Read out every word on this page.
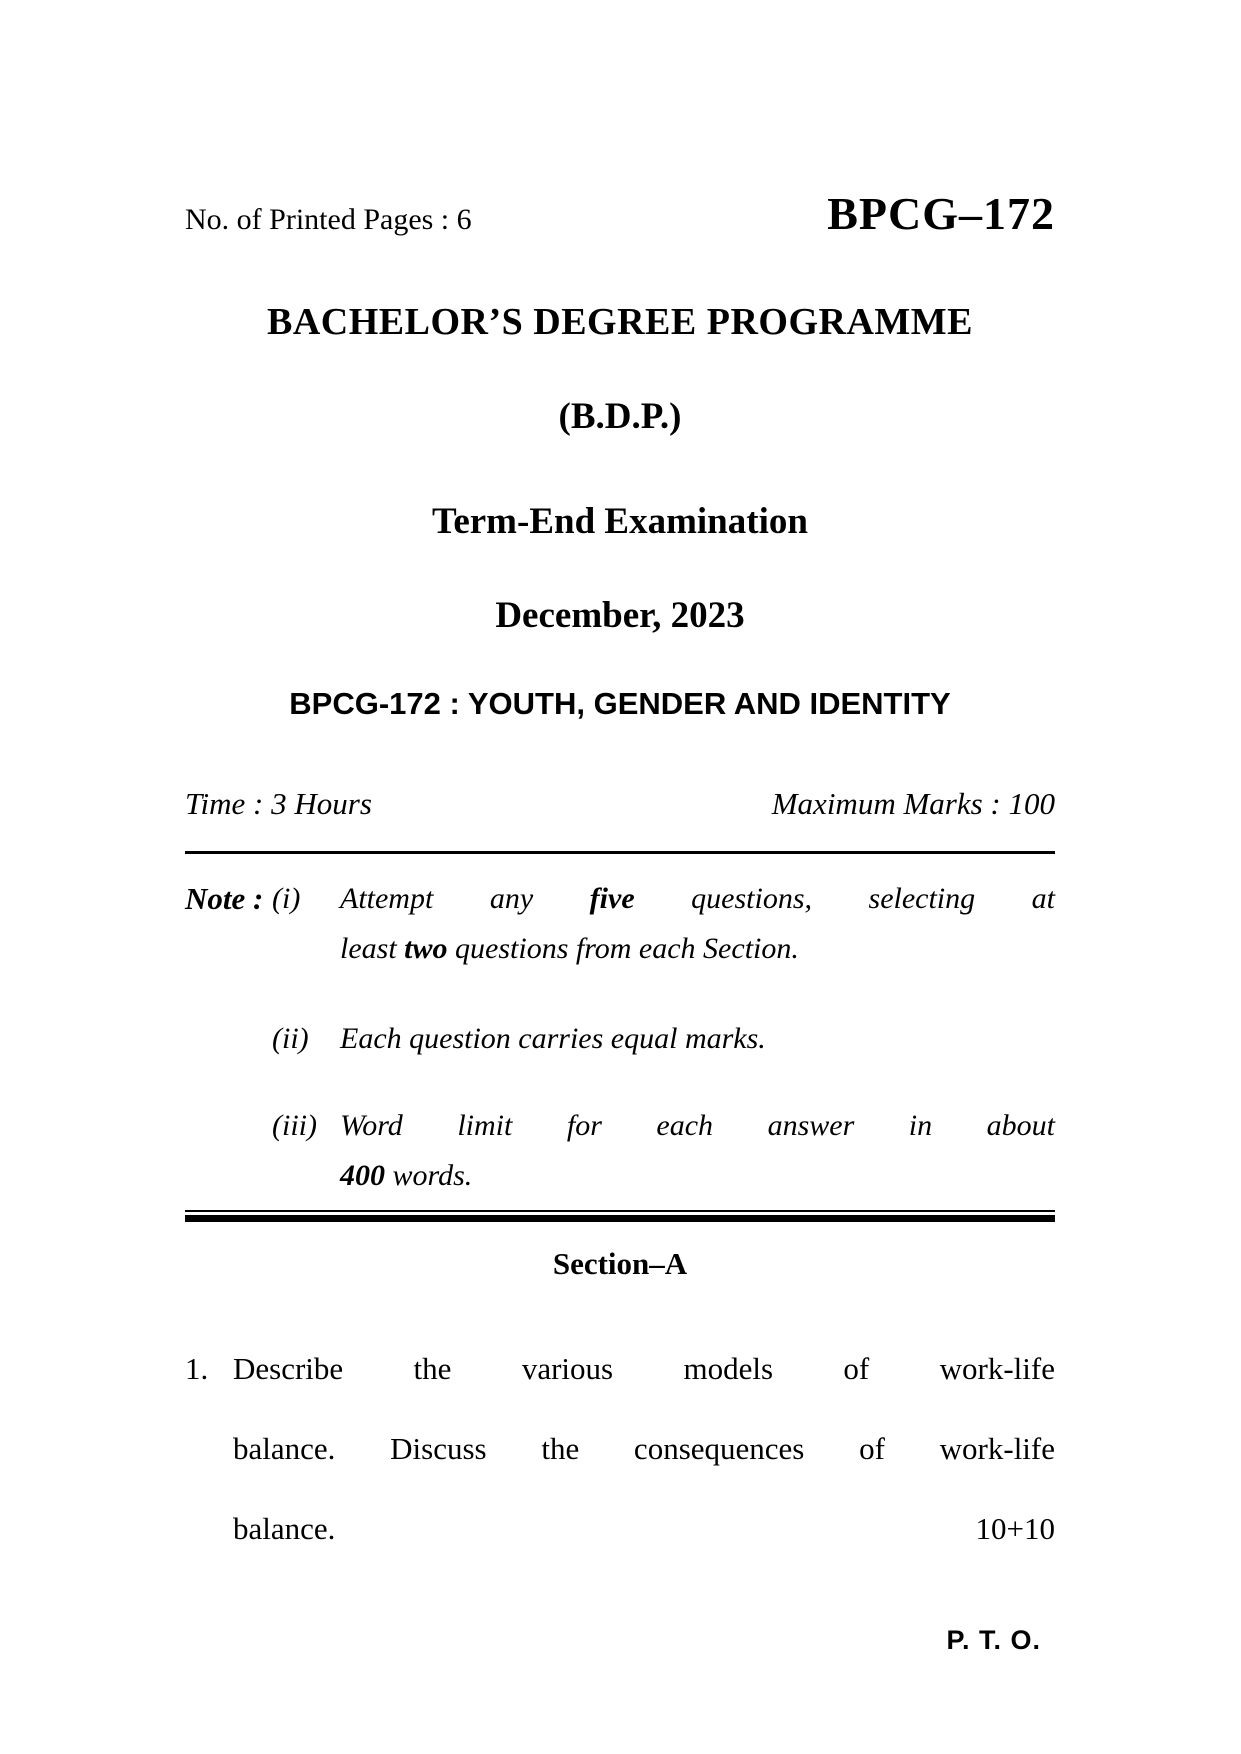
No. of Printed Pages : 6	BPCG–172
BACHELOR’S DEGREE PROGRAMME
(B.D.P.)
Term-End Examination
December, 2023
BPCG-172 : YOUTH, GENDER AND IDENTITY
Time : 3 Hours	Maximum Marks : 100
Note : (i) Attempt any five questions, selecting at
least two questions from each Section.
(ii) Each question carries equal marks.
(iii) Word limit for each answer in about
400 words.
Section–A
1. Describe the various models of work-life
balance. Discuss the consequences of work-life
balance.	10+10
P. T. O.
